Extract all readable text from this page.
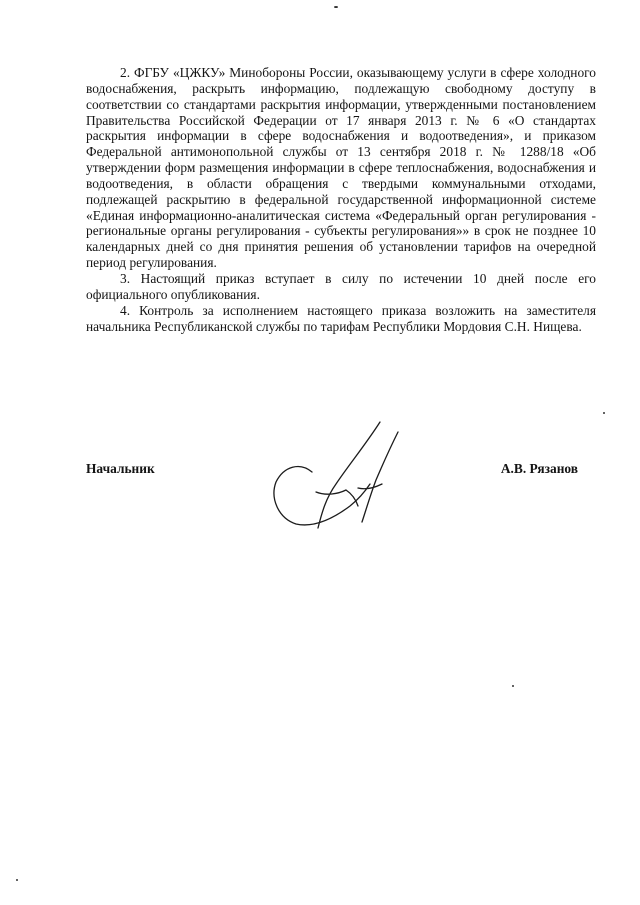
2. ФГБУ «ЦЖКУ» Минобороны России, оказывающему услуги в сфере холодного водоснабжения, раскрыть информацию, подлежащую свободному доступу в соответствии со стандартами раскрытия информации, утвержденными постановлением Правительства Российской Федерации от 17 января 2013 г. № 6 «О стандартах раскрытия информации в сфере водоснабжения и водоотведения», и приказом Федеральной антимонопольной службы от 13 сентября 2018 г. № 1288/18 «Об утверждении форм размещения информации в сфере теплоснабжения, водоснабжения и водоотведения, в области обращения с твердыми коммунальными отходами, подлежащей раскрытию в федеральной государственной информационной системе «Единая информационно-аналитическая система «Федеральный орган регулирования - региональные органы регулирования - субъекты регулирования»» в срок не позднее 10 календарных дней со дня принятия решения об установлении тарифов на очередной период регулирования.

3. Настоящий приказ вступает в силу по истечении 10 дней после его официального опубликования.

4. Контроль за исполнением настоящего приказа возложить на заместителя начальника Республиканской службы по тарифам Республики Мордовия С.Н. Нищева.

Начальник	А.В. Рязанов
